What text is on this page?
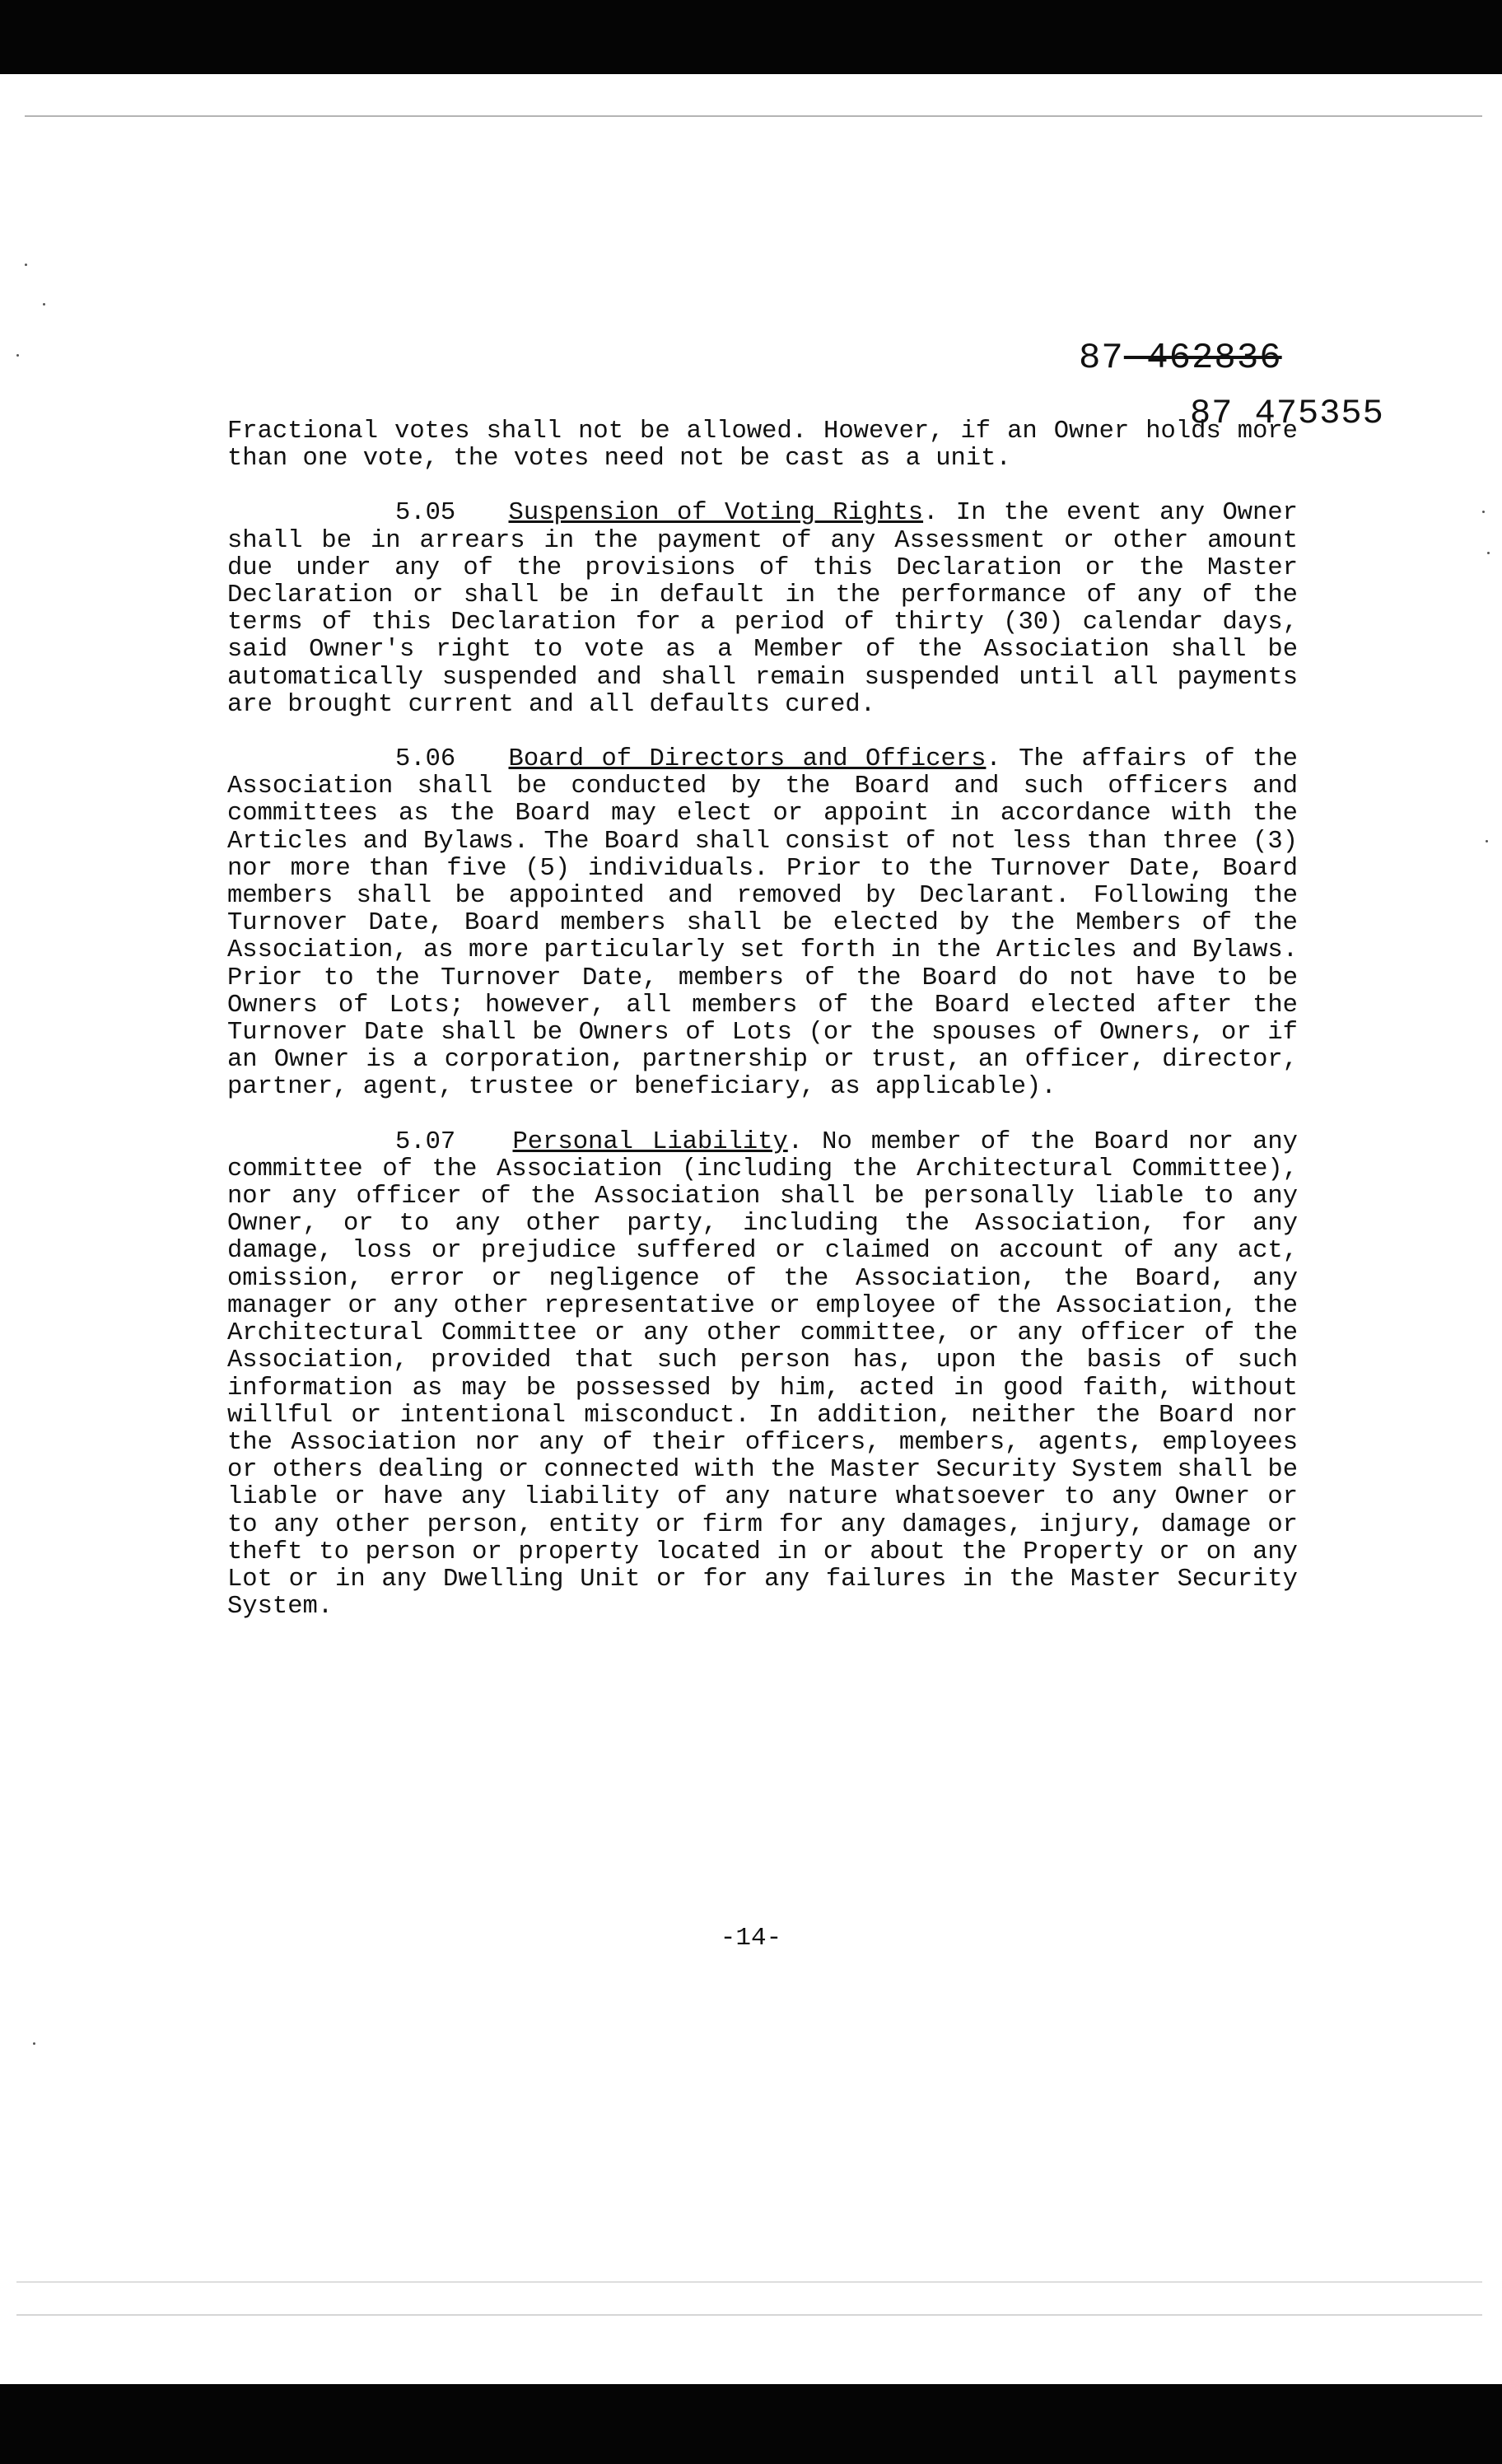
87-462836
87 475355

Fractional votes shall not be allowed. However, if an Owner holds more than one vote, the votes need not be cast as a unit.

5.05 Suspension of Voting Rights. In the event any Owner shall be in arrears in the payment of any Assessment or other amount due under any of the provisions of this Declaration or the Master Declaration or shall be in default in the performance of any of the terms of this Declaration for a period of thirty (30) calendar days, said Owner's right to vote as a Member of the Association shall be automatically suspended and shall remain suspended until all payments are brought current and all defaults cured.

5.06 Board of Directors and Officers. The affairs of the Association shall be conducted by the Board and such officers and committees as the Board may elect or appoint in accordance with the Articles and Bylaws. The Board shall consist of not less than three (3) nor more than five (5) individuals. Prior to the Turnover Date, Board members shall be appointed and removed by Declarant. Following the Turnover Date, Board members shall be elected by the Members of the Association, as more particularly set forth in the Articles and Bylaws. Prior to the Turnover Date, members of the Board do not have to be Owners of Lots; however, all members of the Board elected after the Turnover Date shall be Owners of Lots (or the spouses of Owners, or if an Owner is a corporation, partnership or trust, an officer, director, partner, agent, trustee or beneficiary, as applicable).

5.07 Personal Liability. No member of the Board nor any committee of the Association (including the Architectural Committee), nor any officer of the Association shall be personally liable to any Owner, or to any other party, including the Association, for any damage, loss or prejudice suffered or claimed on account of any act, omission, error or negligence of the Association, the Board, any manager or any other representative or employee of the Association, the Architectural Committee or any other committee, or any officer of the Association, provided that such person has, upon the basis of such information as may be possessed by him, acted in good faith, without willful or intentional misconduct. In addition, neither the Board nor the Association nor any of their officers, members, agents, employees or others dealing or connected with the Master Security System shall be liable or have any liability of any nature whatsoever to any Owner or to any other person, entity or firm for any damages, injury, damage or theft to person or property located in or about the Property or on any Lot or in any Dwelling Unit or for any failures in the Master Security System.

-14-
